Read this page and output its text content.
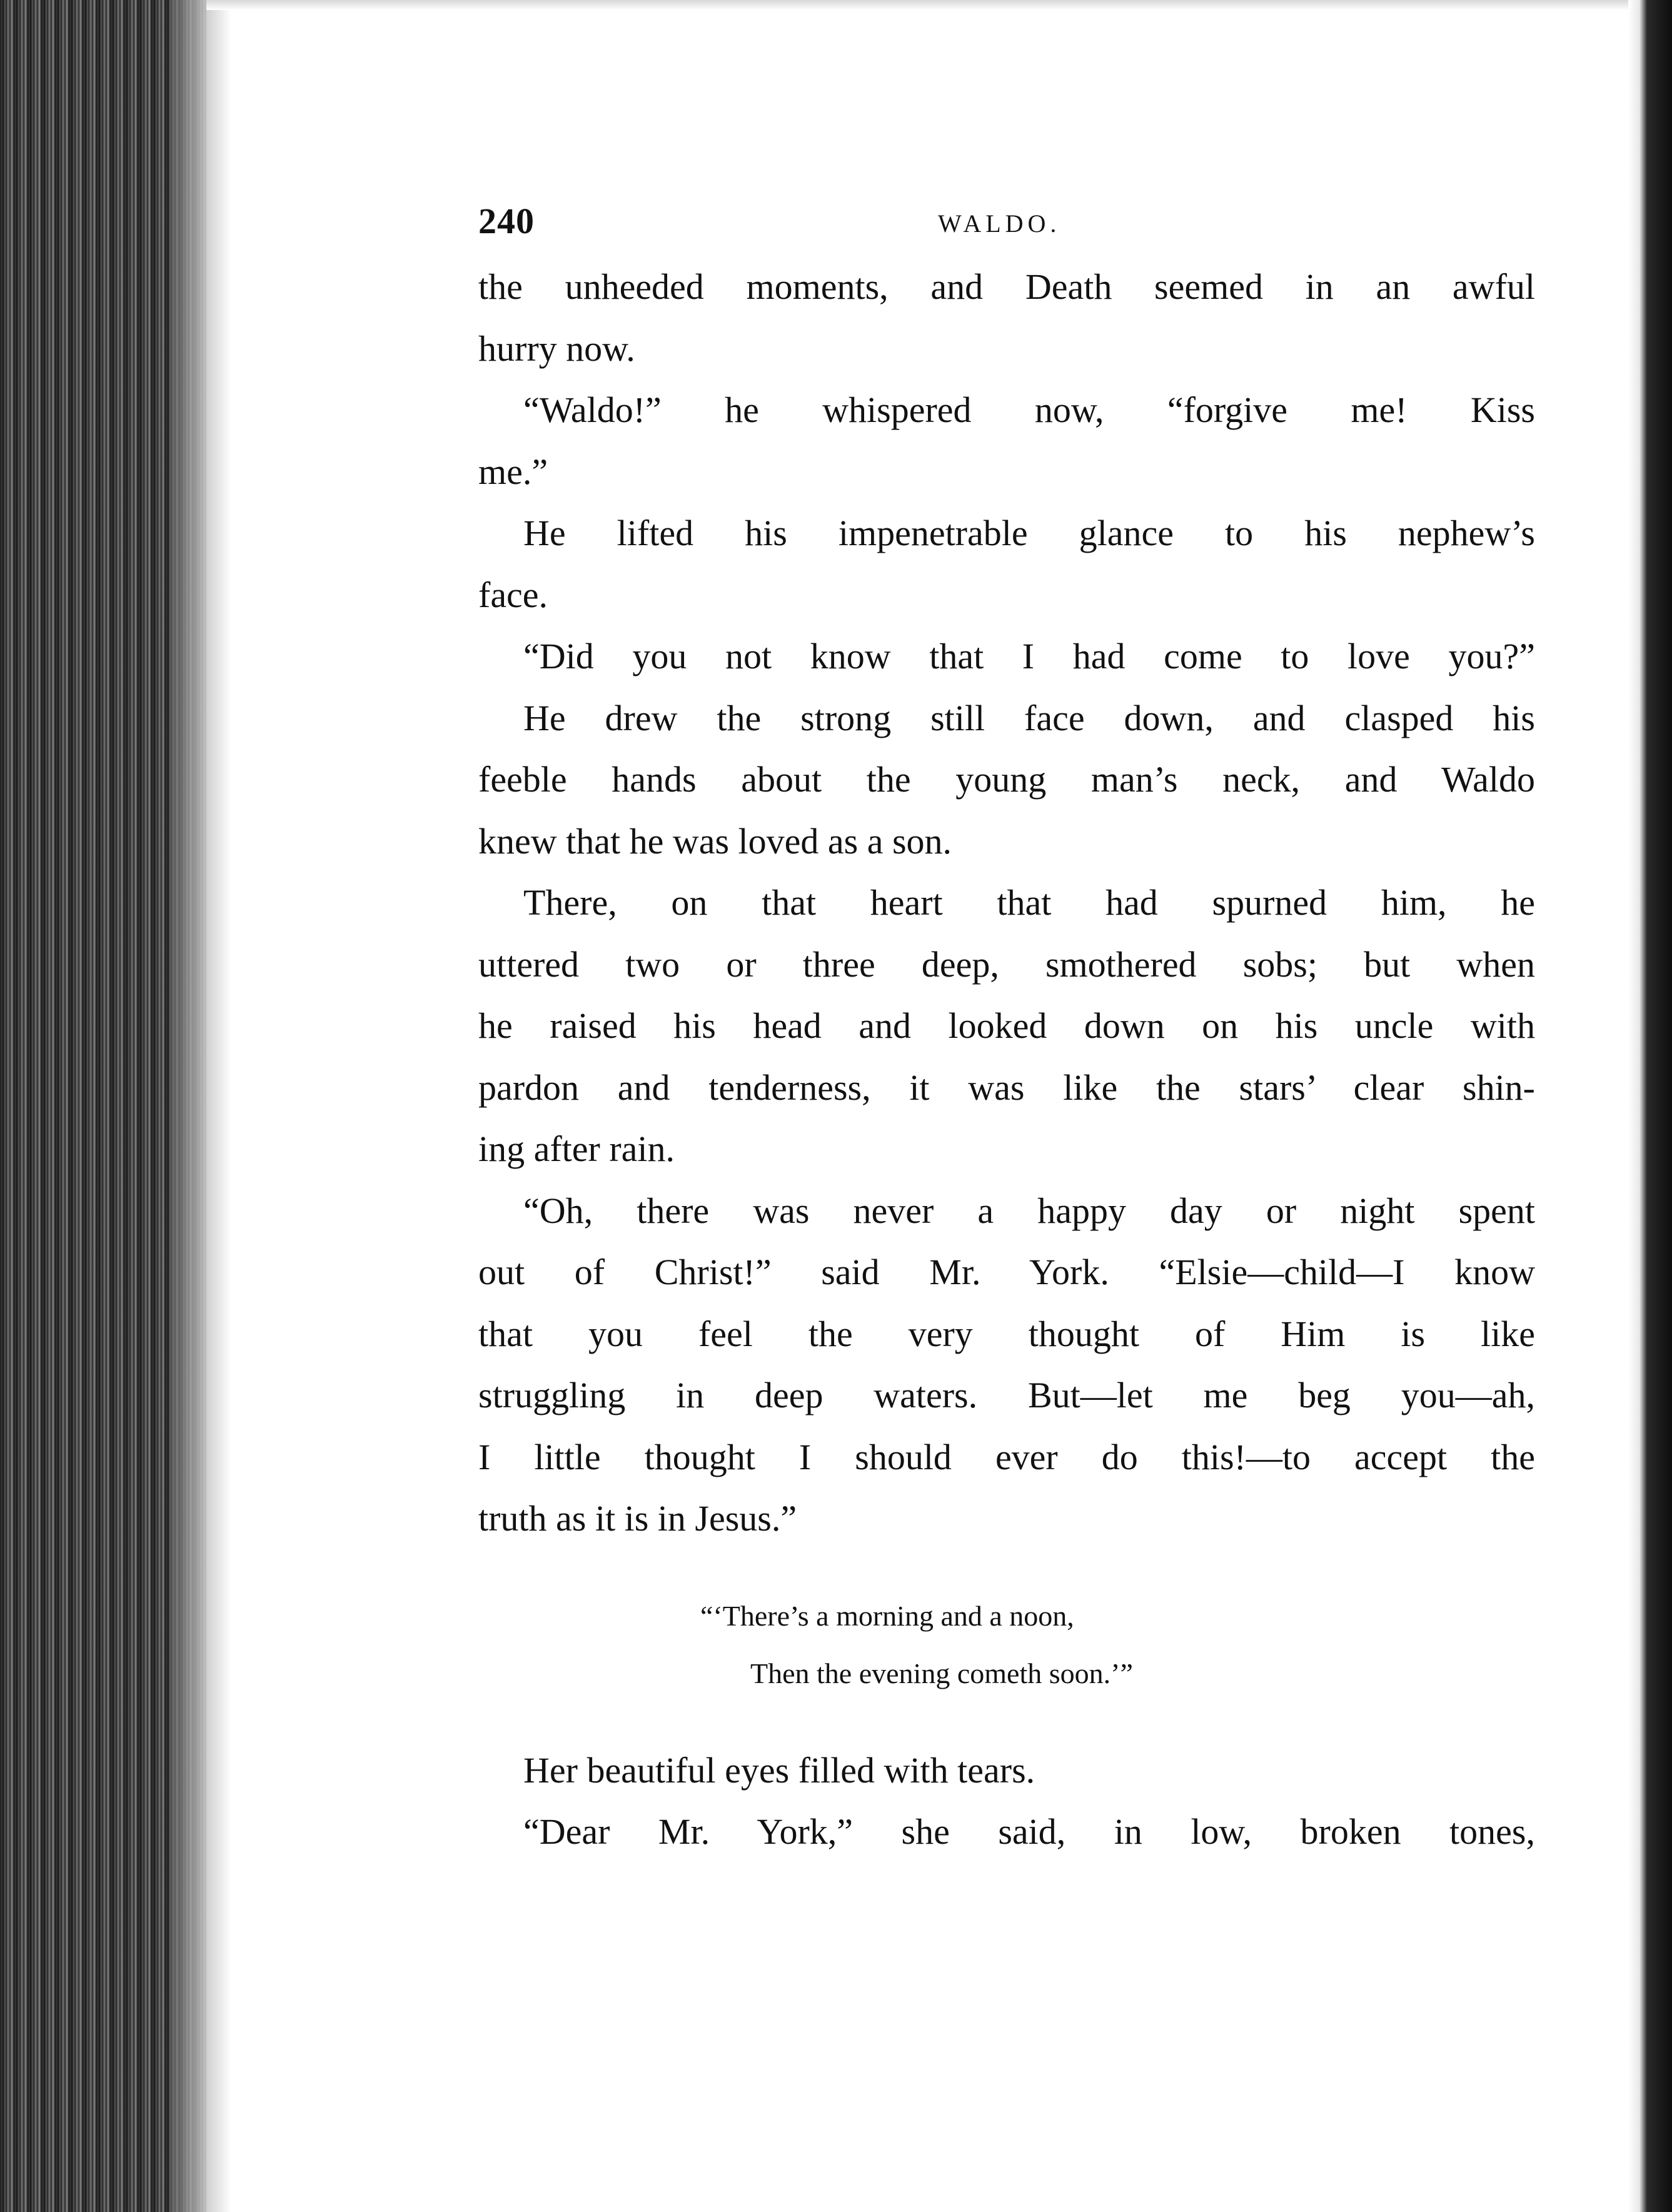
240	WALDO.
the unheeded moments, and Death seemed in an awful
hurry now.
“Waldo!” he whispered now, “forgive me! Kiss
me.”
He lifted his impenetrable glance to his nephew’s
face.
“Did you not know that I had come to love you?”
He drew the strong still face down, and clasped his
feeble hands about the young man’s neck, and Waldo
knew that he was loved as a son.
There, on that heart that had spurned him, he
uttered two or three deep, smothered sobs; but when
he raised his head and looked down on his uncle with
pardon and tenderness, it was like the stars’ clear shin-
ing after rain.
“Oh, there was never a happy day or night spent
out of Christ!” said Mr. York. “Elsie—child—I know
that you feel the very thought of Him is like
struggling in deep waters. But—let me beg you—ah,
I little thought I should ever do this!—to accept the
truth as it is in Jesus.”
“‘There’s a morning and a noon,
Then the evening cometh soon.’”
Her beautiful eyes filled with tears.
“Dear Mr. York,” she said, in low, broken tones,
